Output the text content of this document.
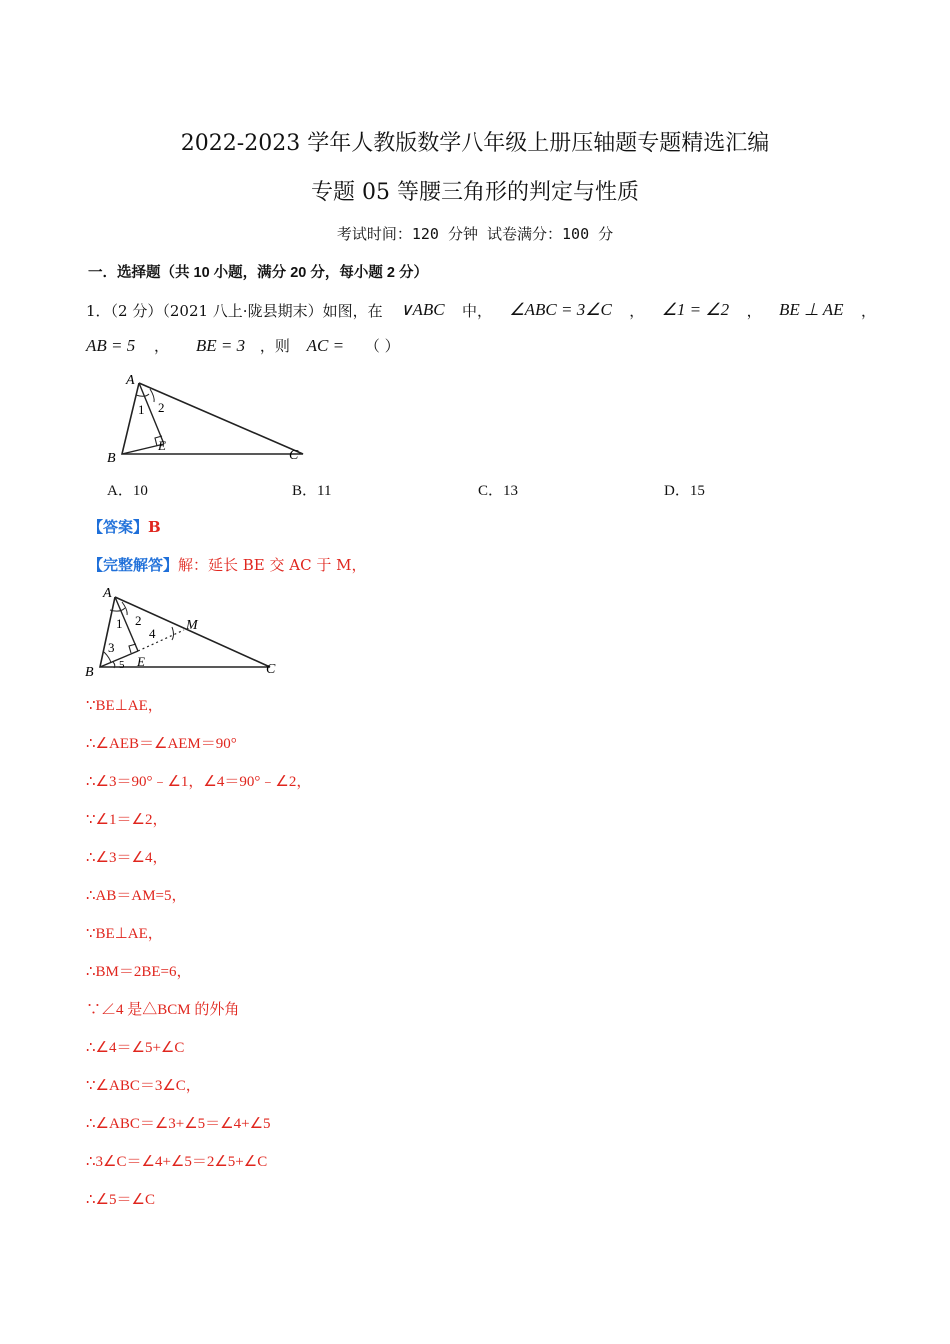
2022-2023 学年人教版数学八年级上册压轴题专题精选汇编
专题 05 等腰三角形的判定与性质
考试时间：120 分钟 试卷满分：100 分
一．选择题（共 10 小题，满分 20 分，每小题 2 分）
1．（2 分）（2021 八上·陇县期末）如图，在 ∨ABC 中， ∠ABC = 3∠C ， ∠1 = ∠2 ， BE ⊥ AE ，
AB = 5 ， BE = 3 ，则 AC = （ ）
A
B	C
E
1 2
A．10	B．11	C．13	D．15
【答案】B
【完整解答】解：延长 BE 交 AC 于 M，
A
B	C
E
M
1 2
3
4
5
∵BE⊥AE，
∴∠AEB＝∠AEM＝90°
∴∠3＝90°﹣∠1，∠4＝90°﹣∠2，
∵∠1＝∠2，
∴∠3＝∠4，
∴AB＝AM=5，
∵BE⊥AE，
∴BM＝2BE=6，
∵∠4 是△BCM 的外角
∴∠4＝∠5+∠C
∵∠ABC＝3∠C，
∴∠ABC＝∠3+∠5＝∠4+∠5
∴3∠C＝∠4+∠5＝2∠5+∠C
∴∠5＝∠C
